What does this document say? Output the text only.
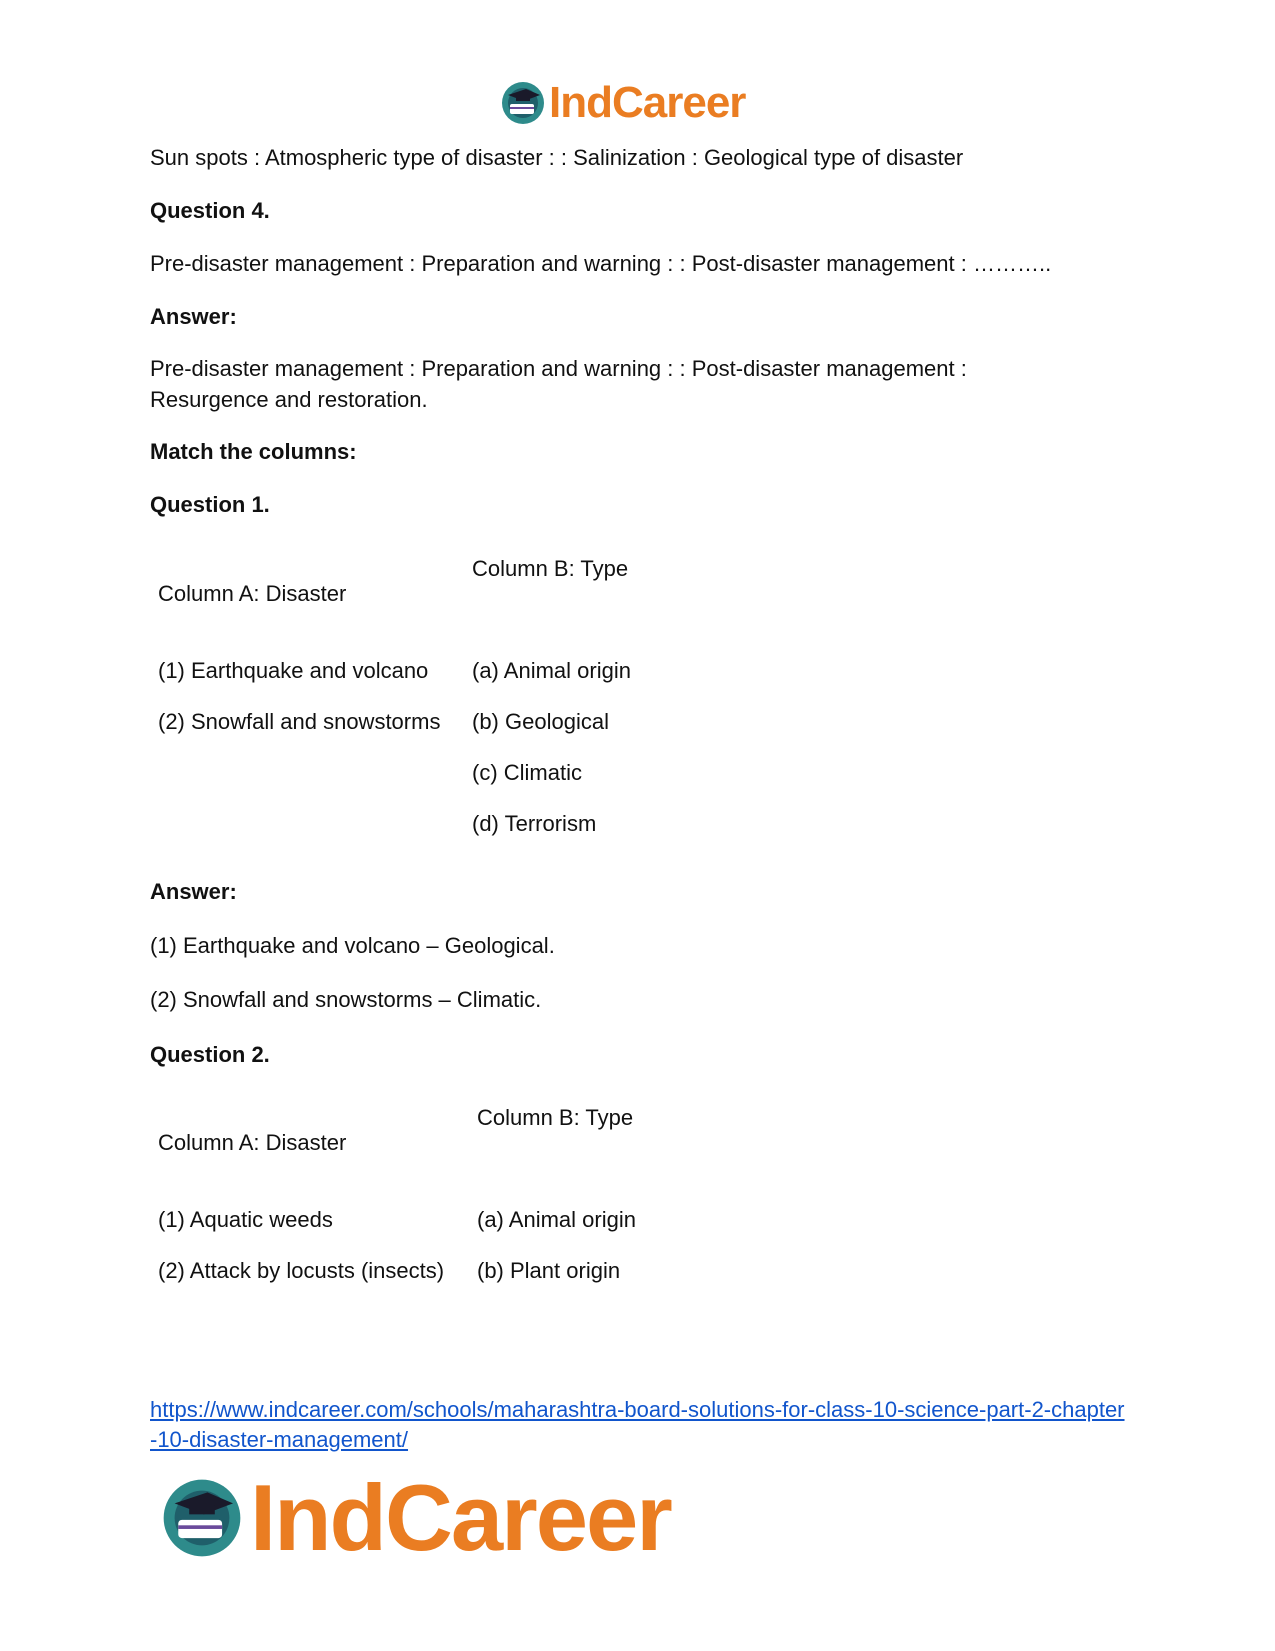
IndCareer

Sun spots : Atmospheric type of disaster : : Salinization : Geological type of disaster

Question 4.

Pre-disaster management : Preparation and warning : : Post-disaster management : ………..

Answer:

Pre-disaster management : Preparation and warning : : Post-disaster management :

Resurgence and restoration.

Match the columns:

Question 1.

Column A: Disaster
Column B: Type
(1) Earthquake and volcano
(2) Snowfall and snowstorms
(a) Animal origin
(b) Geological
(c) Climatic
(d) Terrorism

Answer:

(1) Earthquake and volcano – Geological.

(2) Snowfall and snowstorms – Climatic.

Question 2.

Column A: Disaster
Column B: Type
(1) Aquatic weeds
(2) Attack by locusts (insects)
(a) Animal origin
(b) Plant origin
https://www.indcareer.com/schools/maharashtra-board-solutions-for-class-10-science-part-2-chapter-10-disaster-management/
IndCareer
